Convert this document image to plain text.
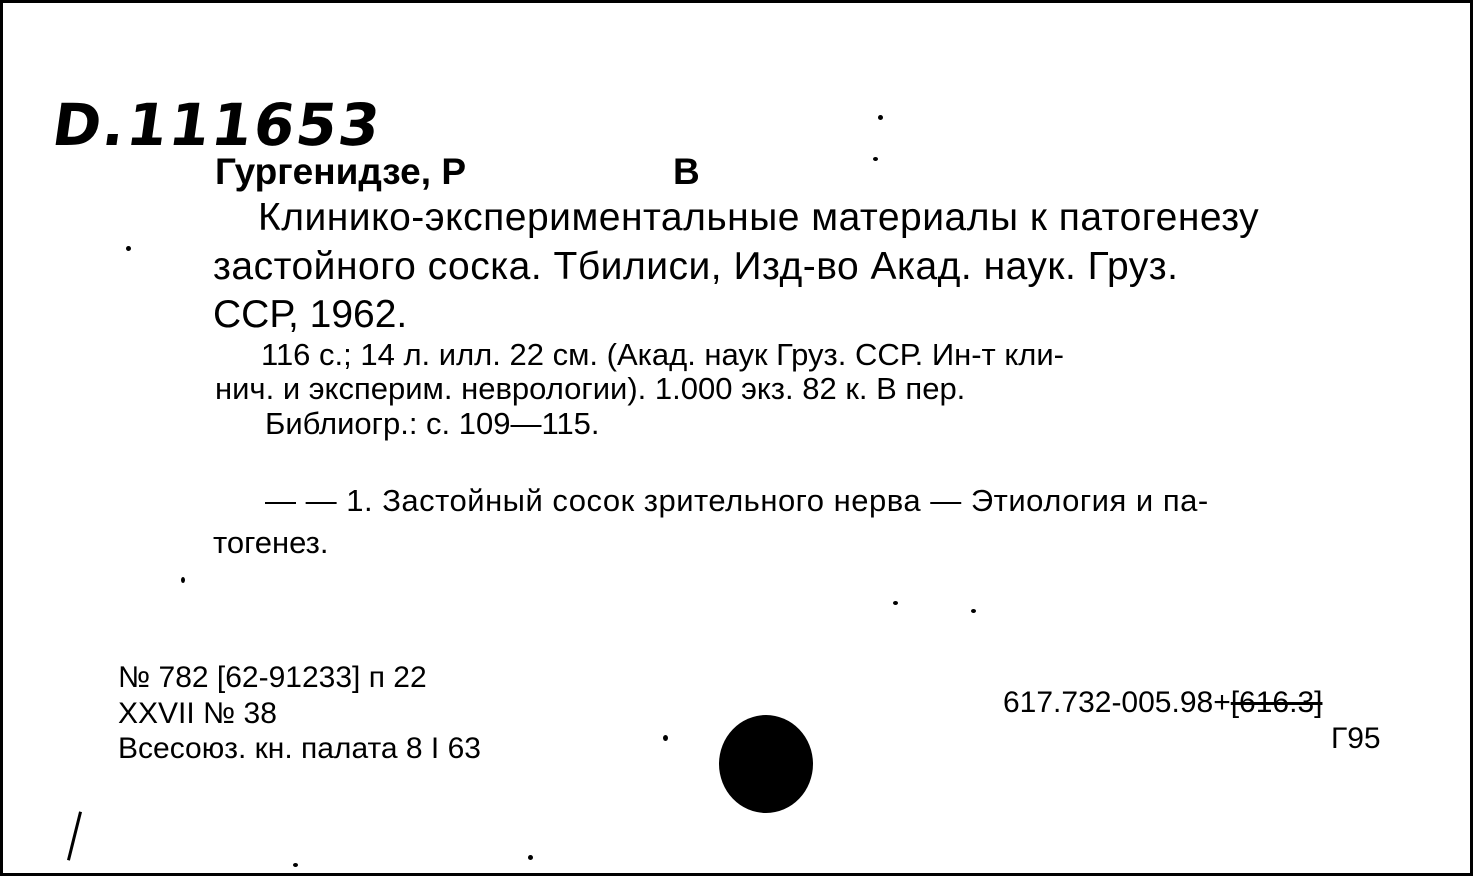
D.111653
Гургенидзе, Р	В
Клинико-экспериментальные материалы к патогенезу
застойного соска. Тбилиси, Изд-во Акад. наук. Груз.
ССР, 1962.
116 с.; 14 л. илл. 22 см. (Акад. наук Груз. ССР. Ин-т кли-
нич. и эксперим. неврологии). 1.000 экз. 82 к. В пер.
Библиогр.: с. 109—115.
— — 1. Застойный сосок зрительного нерва — Этиология и па-
тогенез.
№ 782 [62-91233] п 22
XXVII № 38
Всесоюз. кн. палата 8 I 63
617.732-005.98+[616.3]
Г95
